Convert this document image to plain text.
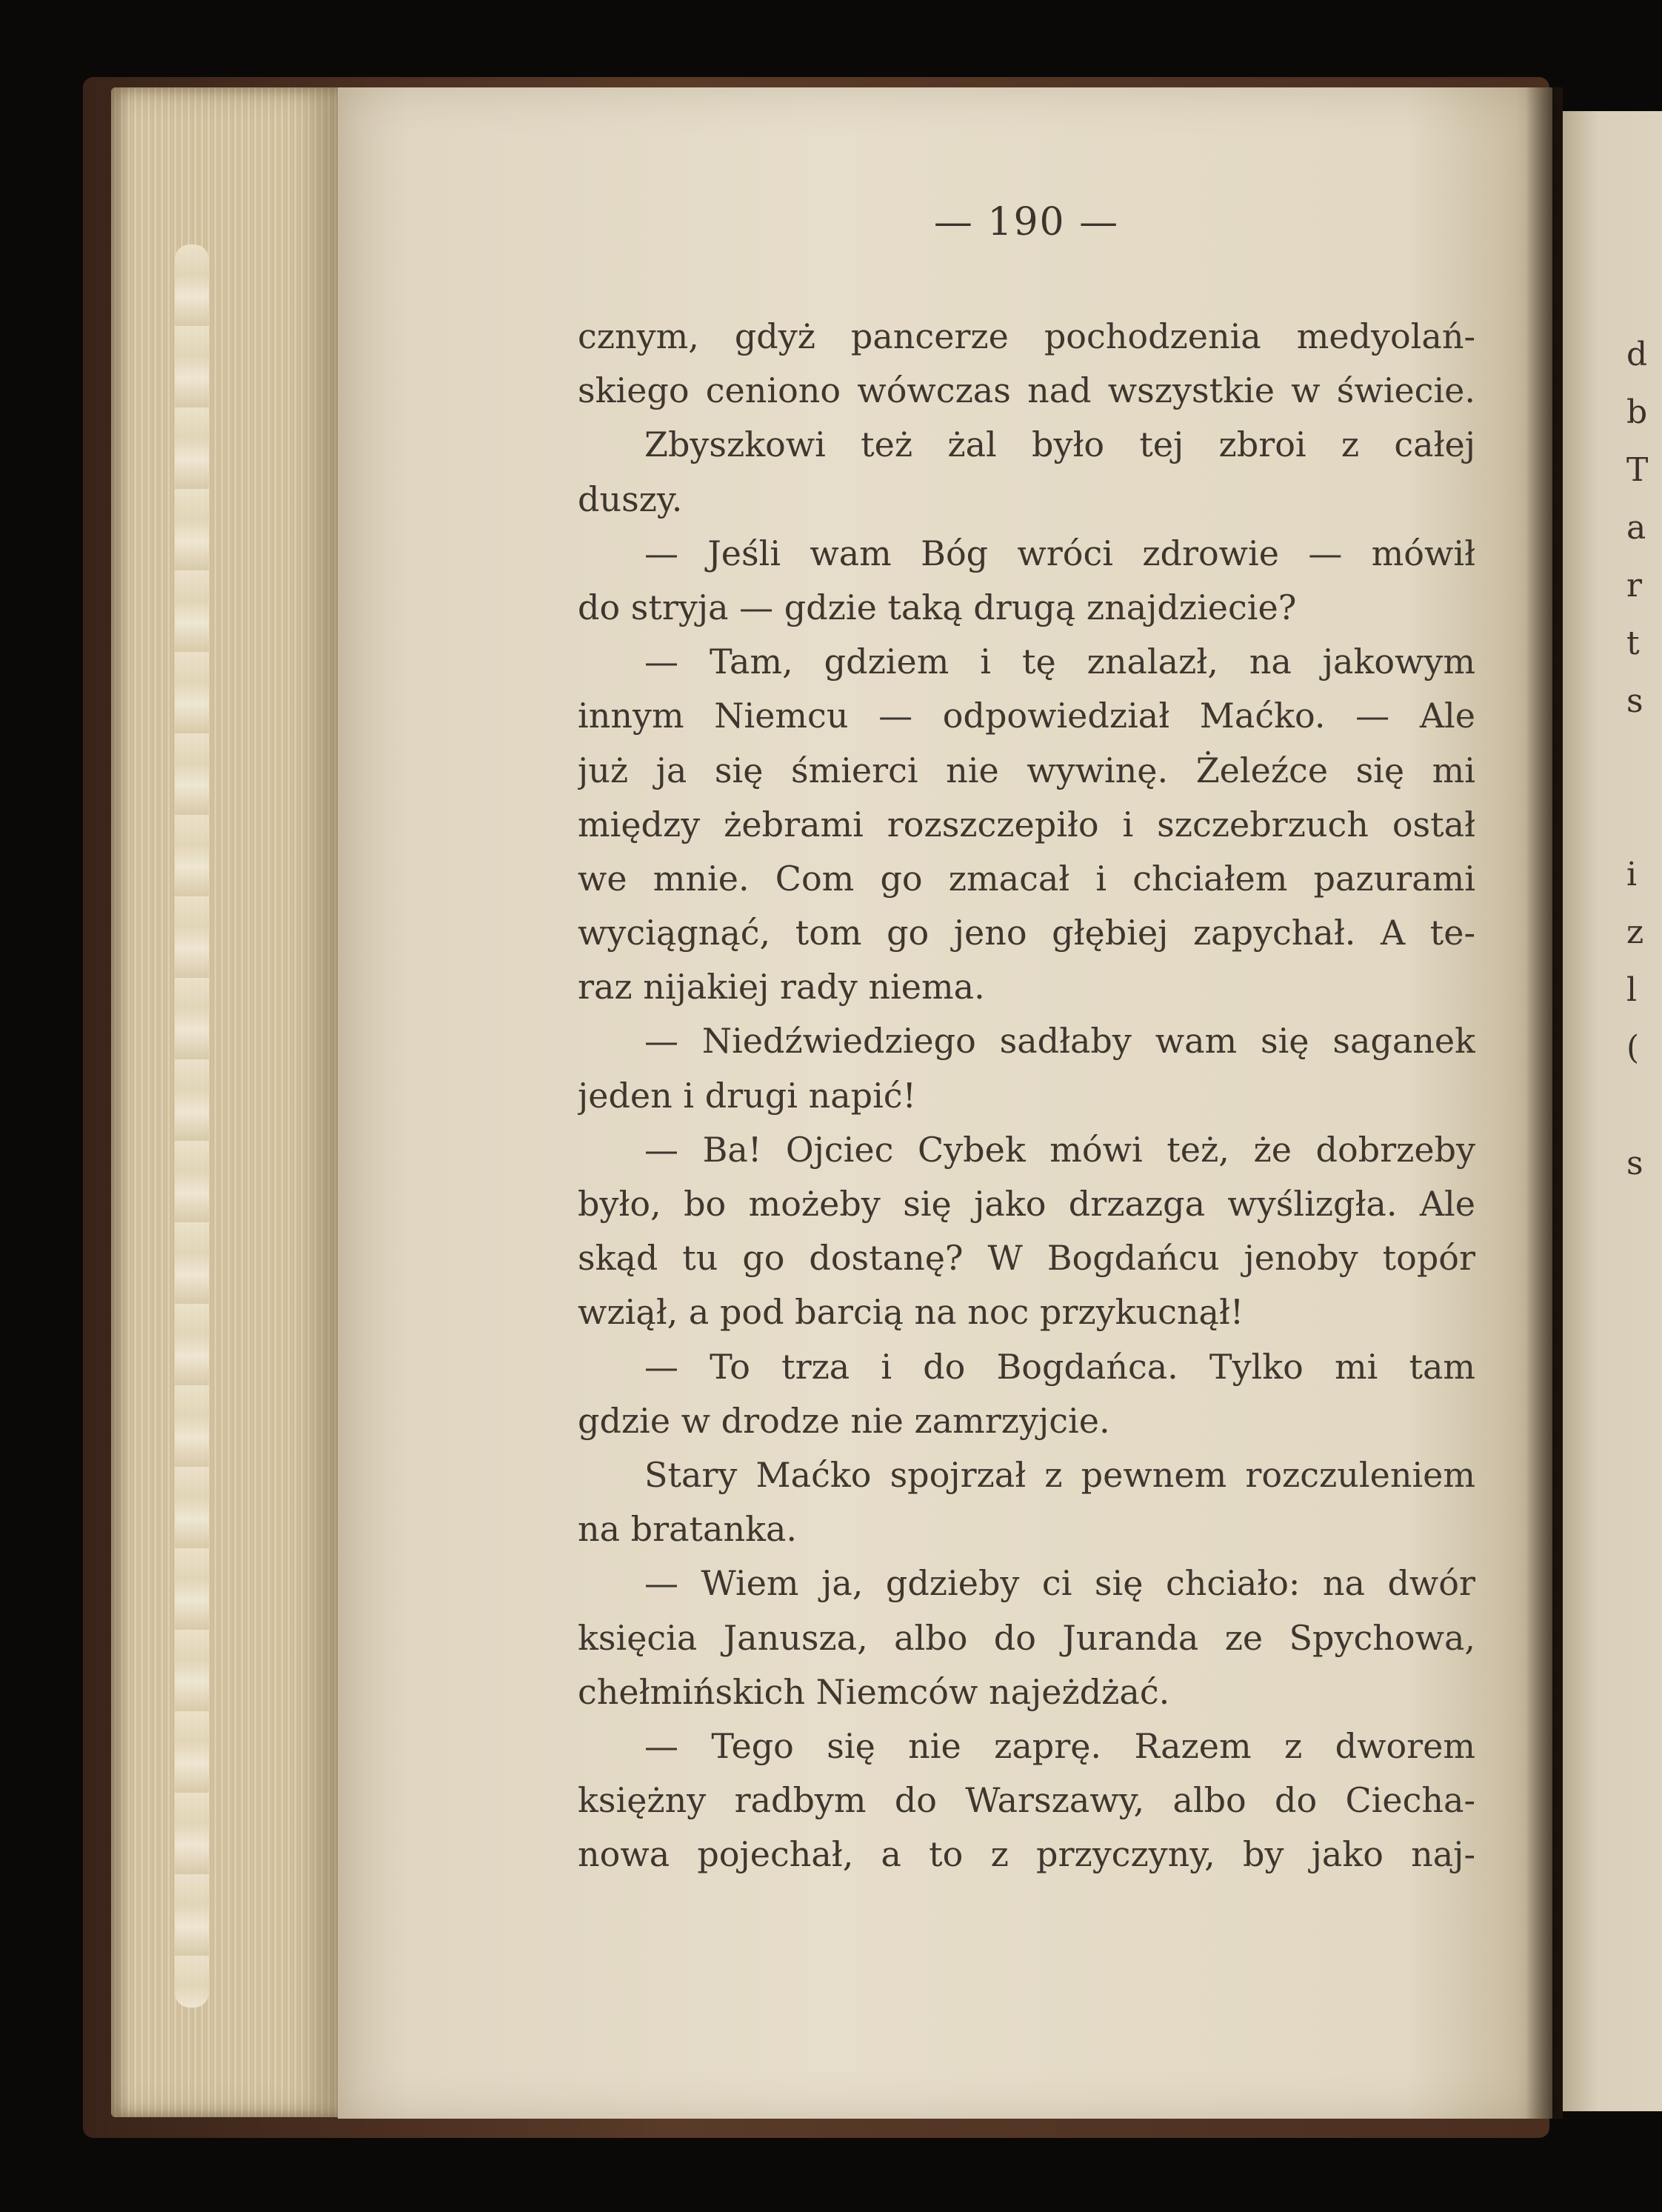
d
b
T
a
r
t
s
i
z
l
(
s
— 190 —
cznym, gdyż pancerze pochodzenia medyolań-
skiego ceniono wówczas nad wszystkie w świecie.
Zbyszkowi też żal było tej zbroi z całej
duszy.
— Jeśli wam Bóg wróci zdrowie — mówił
do stryja — gdzie taką drugą znajdziecie?
— Tam, gdziem i tę znalazł, na jakowym
innym Niemcu — odpowiedział Maćko. — Ale
już ja się śmierci nie wywinę. Żeleźce się mi
między żebrami rozszczepiło i szczebrzuch ostał
we mnie. Com go zmacał i chciałem pazurami
wyciągnąć, tom go jeno głębiej zapychał. A te-
raz nijakiej rady niema.
— Niedźwiedziego sadłaby wam się saganek
jeden i drugi napić!
— Ba! Ojciec Cybek mówi też, że dobrzeby
było, bo możeby się jako drzazga wyślizgła. Ale
skąd tu go dostanę? W Bogdańcu jenoby topór
wziął, a pod barcią na noc przykucnął!
— To trza i do Bogdańca. Tylko mi tam
gdzie w drodze nie zamrzyjcie.
Stary Maćko spojrzał z pewnem rozczuleniem
na bratanka.
— Wiem ja, gdzieby ci się chciało: na dwór
księcia Janusza, albo do Juranda ze Spychowa,
chełmińskich Niemców najeżdżać.
— Tego się nie zaprę. Razem z dworem
księżny radbym do Warszawy, albo do Ciecha-
nowa pojechał, a to z przyczyny, by jako naj-
